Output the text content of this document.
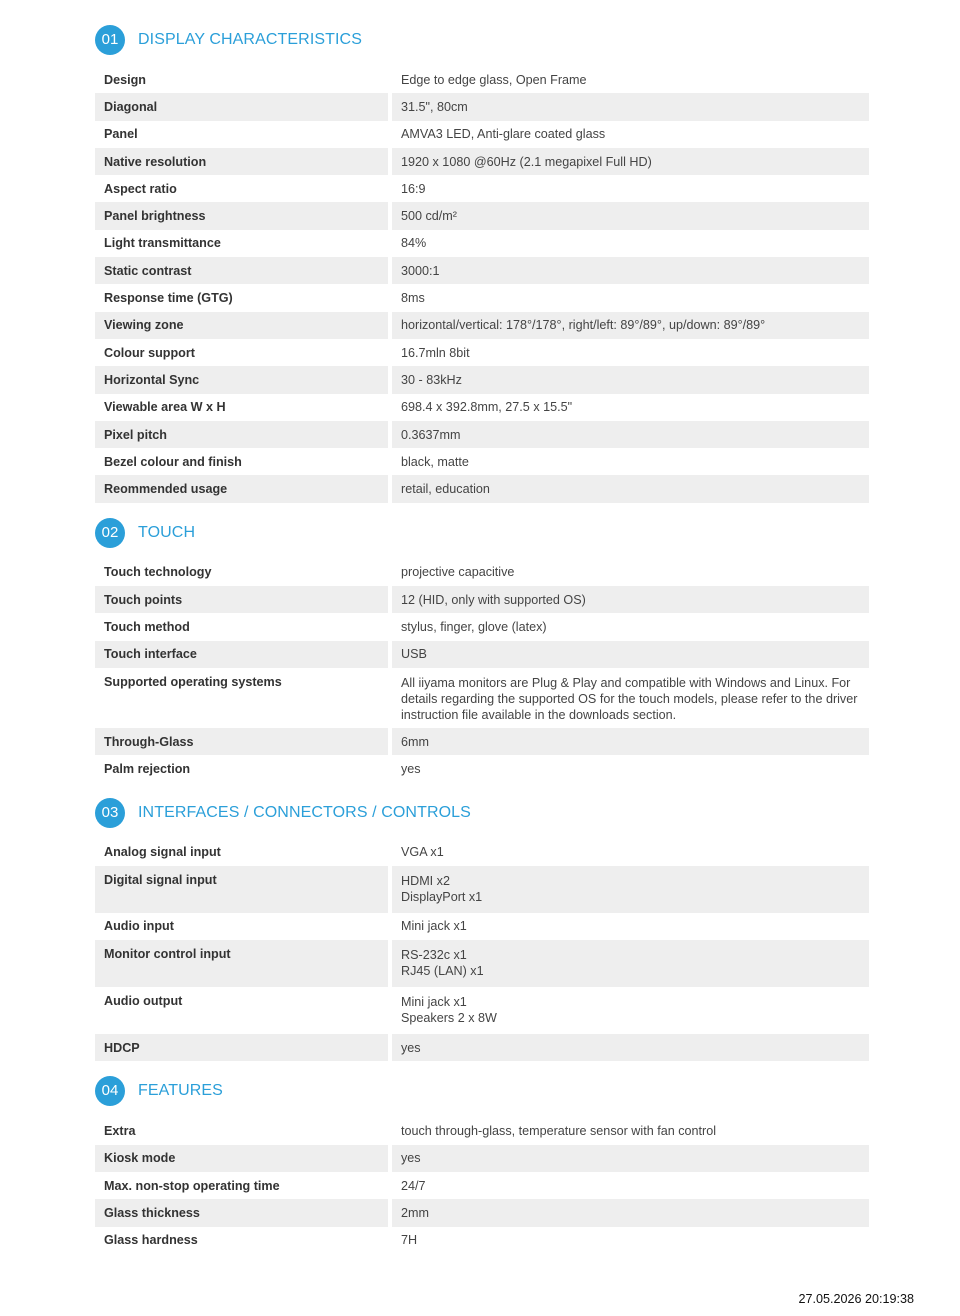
01	DISPLAY CHARACTERISTICS
Design	Edge to edge glass, Open Frame

Diagonal	31.5", 80cm

Panel	AMVA3 LED, Anti-glare coated glass

Native resolution	1920 x 1080 @60Hz (2.1 megapixel Full HD)

Aspect ratio	16:9

Panel brightness	500 cd/m²

Light transmittance	84%

Static contrast	3000:1

Response time (GTG)	8ms

Viewing zone	horizontal/vertical: 178°/178°, right/left: 89°/89°, up/down: 89°/89°

Colour support	16.7mln 8bit

Horizontal Sync	30 - 83kHz

Viewable area W x H	698.4 x 392.8mm, 27.5 x 15.5"

Pixel pitch	0.3637mm

Bezel colour and finish	black, matte

Reommended usage	retail, education
02	TOUCH
Touch technology	projective capacitive

Touch points	12 (HID, only with supported OS)

Touch method	stylus, finger, glove (latex)

Touch interface	USB

Supported operating systems	All iiyama monitors are Plug & Play and compatible with Windows and Linux. For
details regarding the supported OS for the touch models, please refer to the driver
instruction file available in the downloads section.

Through-Glass	6mm

Palm rejection	yes
03	INTERFACES / CONNECTORS / CONTROLS
Analog signal input	VGA x1

Digital signal input	HDMI x2
DisplayPort x1

Audio input	Mini jack x1

Monitor control input	RS-232c x1
RJ45 (LAN) x1

Audio output	Mini jack x1
Speakers 2 x 8W

HDCP	yes
04	FEATURES
Extra	touch through-glass, temperature sensor with fan control

Kiosk mode	yes

Max. non-stop operating time	24/7

Glass thickness	2mm

Glass hardness	7H
27.05.2026 20:19:38
